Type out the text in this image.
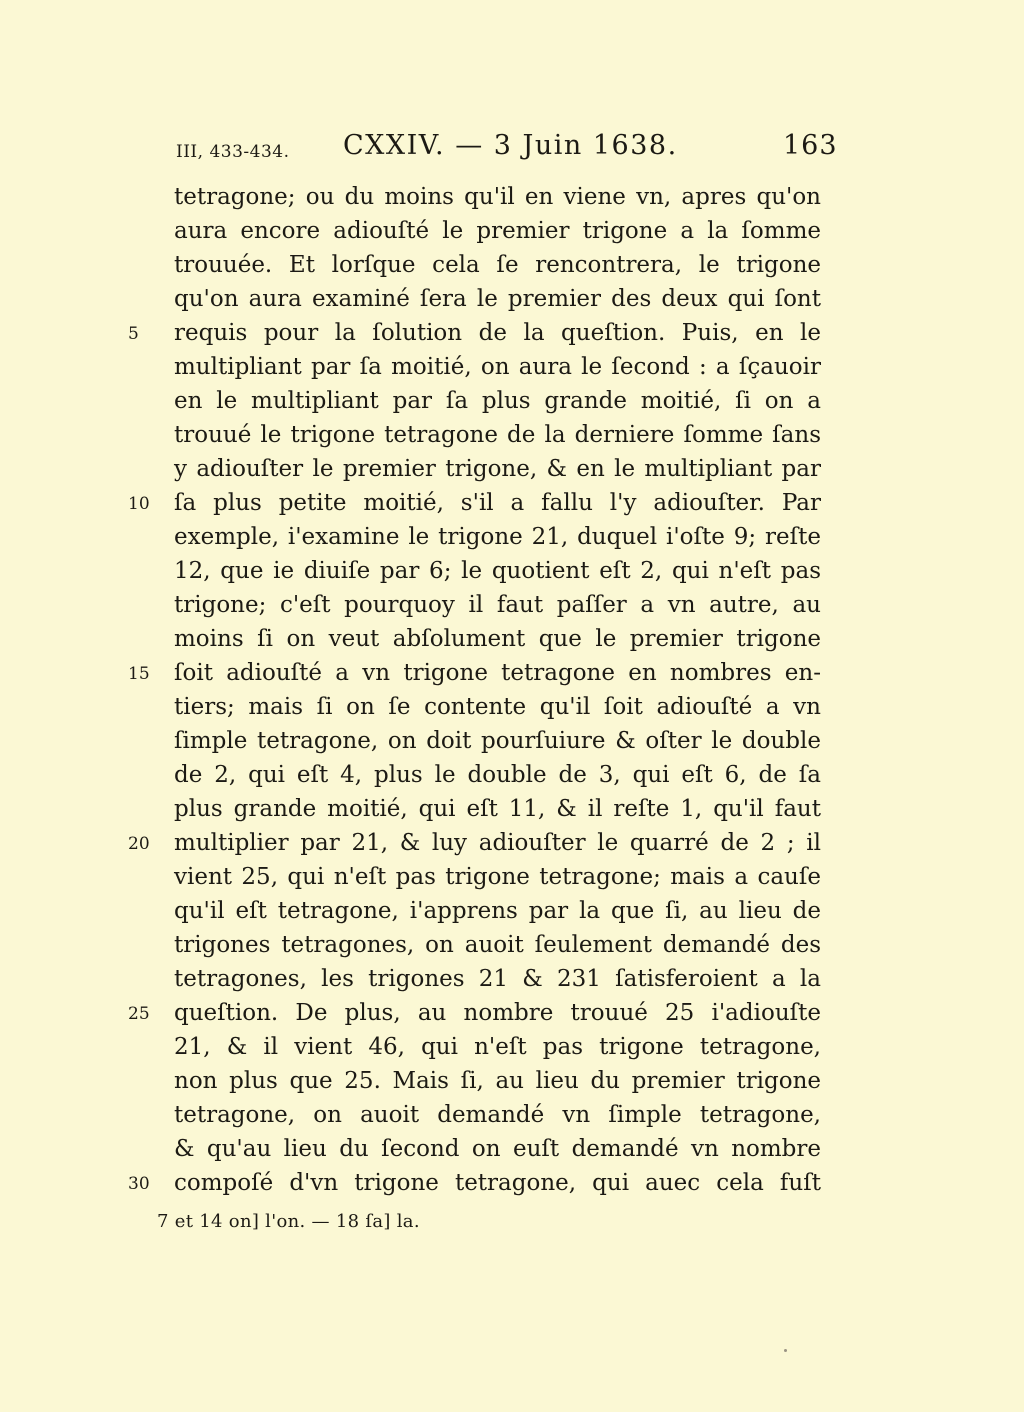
III, 433-434. CXXIV. — 3 Juin 1638.	163
tetragone; ou du moins qu'il en viene vn, apres qu'on
aura encore adiouſté le premier trigone a la ſomme
trouuée. Et lorſque cela ſe rencontrera, le trigone
qu'on aura examiné ſera le premier des deux qui ſont
requis pour la ſolution de la queſtion. Puis, en le
5
multipliant par ſa moitié, on aura le ſecond : a ſçauoir
en le multipliant par ſa plus grande moitié, ſi on a
trouué le trigone tetragone de la derniere ſomme ſans
y adiouſter le premier trigone, & en le multipliant par
ſa plus petite moitié, s'il a fallu l'y adiouſter. Par
10
exemple, i'examine le trigone 21, duquel i'oſte 9; reſte
12, que ie diuiſe par 6; le quotient eſt 2, qui n'eſt pas
trigone; c'eſt pourquoy il faut paſſer a vn autre, au
moins ſi on veut abſolument que le premier trigone
ſoit adiouſté a vn trigone tetragone en nombres en-
15
tiers; mais ſi on ſe contente qu'il ſoit adiouſté a vn
ſimple tetragone, on doit pourſuiure & oſter le double
de 2, qui eſt 4, plus le double de 3, qui eſt 6, de ſa
plus grande moitié, qui eſt 11, & il reſte 1, qu'il faut
multiplier par 21, & luy adiouſter le quarré de 2 ; il
20
vient 25, qui n'eſt pas trigone tetragone; mais a cauſe
qu'il eſt tetragone, i'apprens par la que ſi, au lieu de
trigones tetragones, on auoit ſeulement demandé des
tetragones, les trigones 21 & 231 ſatisferoient a la
queſtion. De plus, au nombre trouué 25 i'adiouſte
25
21, & il vient 46, qui n'eſt pas trigone tetragone,
non plus que 25. Mais ſi, au lieu du premier trigone
tetragone, on auoit demandé vn ſimple tetragone,
& qu'au lieu du ſecond on euſt demandé vn nombre
compoſé d'vn trigone tetragone, qui auec cela fuſt
30
7 et 14 on] l'on. — 18 ſa] la.
